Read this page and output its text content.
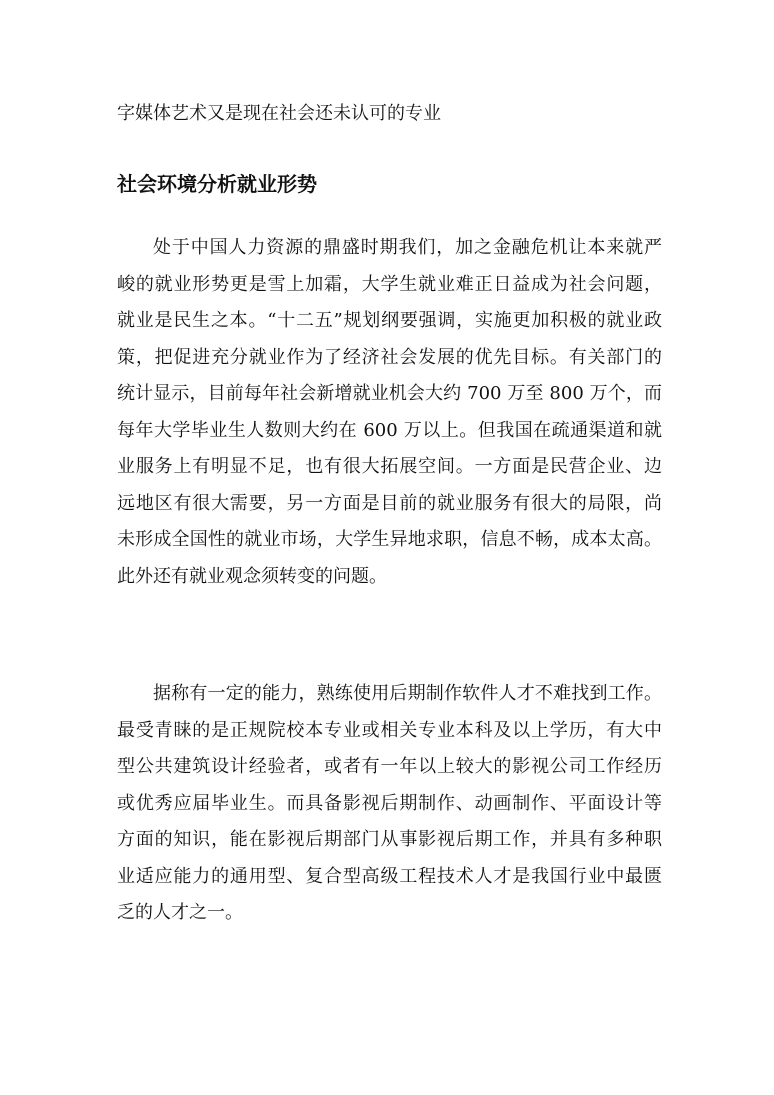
字媒体艺术又是现在社会还未认可的专业
社会环境分析就业形势
处于中国人力资源的鼎盛时期我们，加之金融危机让本来就严
峻的就业形势更是雪上加霜，大学生就业难正日益成为社会问题，
就业是民生之本。“十二五”规划纲要强调，实施更加积极的就业政
策，把促进充分就业作为了经济社会发展的优先目标。有关部门的
统计显示，目前每年社会新增就业机会大约 700 万至 800 万个，而
每年大学毕业生人数则大约在 600 万以上。但我国在疏通渠道和就
业服务上有明显不足，也有很大拓展空间。一方面是民营企业、边
远地区有很大需要，另一方面是目前的就业服务有很大的局限，尚
未形成全国性的就业市场，大学生异地求职，信息不畅，成本太高。
此外还有就业观念须转变的问题。
据称有一定的能力，熟练使用后期制作软件人才不难找到工作。
最受青睐的是正规院校本专业或相关专业本科及以上学历，有大中
型公共建筑设计经验者，或者有一年以上较大的影视公司工作经历
或优秀应届毕业生。而具备影视后期制作、动画制作、平面设计等
方面的知识，能在影视后期部门从事影视后期工作，并具有多种职
业适应能力的通用型、复合型高级工程技术人才是我国行业中最匮
乏的人才之一。
